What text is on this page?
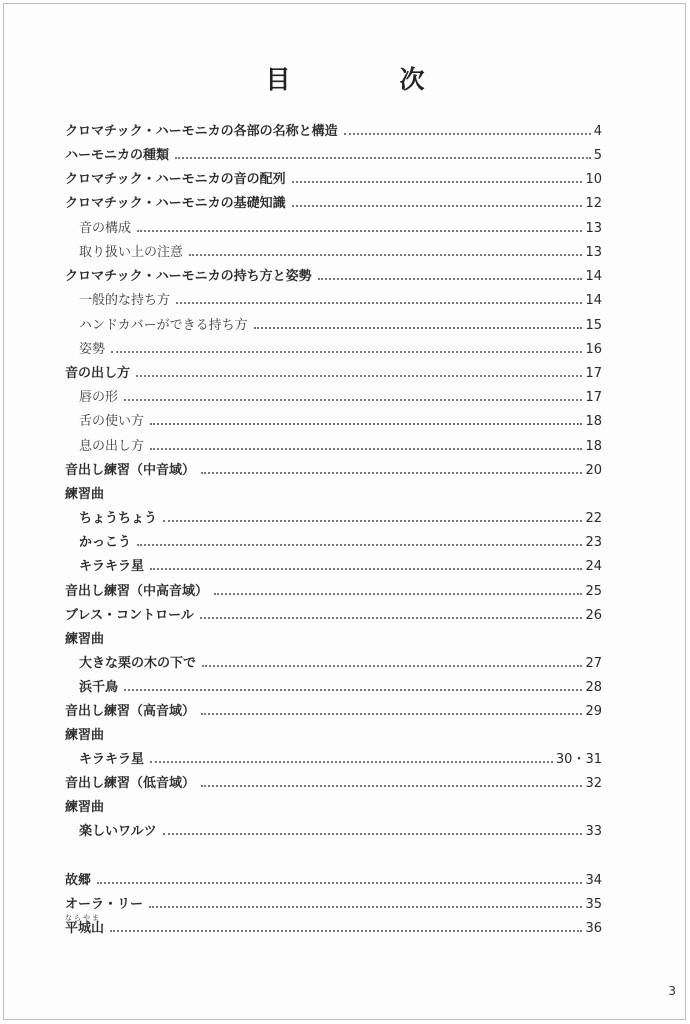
目　次
クロマチック・ハーモニカの各部の名称と構造	4
ハーモニカの種類	5
クロマチック・ハーモニカの音の配列	10
クロマチック・ハーモニカの基礎知識	12
音の構成	13
取り扱い上の注意	13
クロマチック・ハーモニカの持ち方と姿勢	14
一般的な持ち方	14
ハンドカバーができる持ち方	15
姿勢	16
音の出し方	17
唇の形	17
舌の使い方	18
息の出し方	18
音出し練習（中音域）	20
練習曲
ちょうちょう	22
かっこう	23
キラキラ星	24
音出し練習（中高音域）	25
ブレス・コントロール	26
練習曲
大きな栗の木の下で	27
浜千鳥	28
音出し練習（高音域）	29
練習曲
キラキラ星	30・31
音出し練習（低音域）	32
練習曲
楽しいワルツ	33
故郷	34
オーラ・リー	35
平城山	36
ならやま
3
